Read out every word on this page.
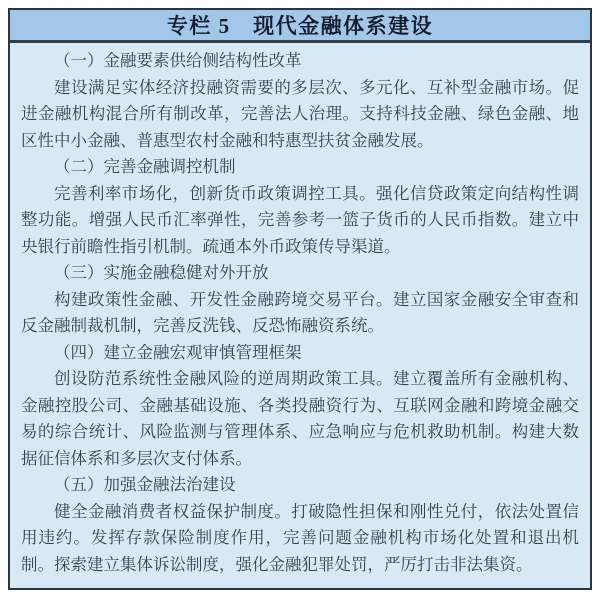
专栏 5　现代金融体系建设

（一）金融要素供给侧结构性改革

建设满足实体经济投融资需要的多层次、多元化、互补型金融市场。促进金融机构混合所有制改革，完善法人治理。支持科技金融、绿色金融、地区性中小金融、普惠型农村金融和特惠型扶贫金融发展。

（二）完善金融调控机制

完善利率市场化，创新货币政策调控工具。强化信贷政策定向结构性调整功能。增强人民币汇率弹性，完善参考一篮子货币的人民币指数。建立中央银行前瞻性指引机制。疏通本外币政策传导渠道。

（三）实施金融稳健对外开放

构建政策性金融、开发性金融跨境交易平台。建立国家金融安全审查和反金融制裁机制，完善反洗钱、反恐怖融资系统。

（四）建立金融宏观审慎管理框架

创设防范系统性金融风险的逆周期政策工具。建立覆盖所有金融机构、金融控股公司、金融基础设施、各类投融资行为、互联网金融和跨境金融交易的综合统计、风险监测与管理体系、应急响应与危机救助机制。构建大数据征信体系和多层次支付体系。

（五）加强金融法治建设

健全金融消费者权益保护制度。打破隐性担保和刚性兑付，依法处置信用违约。发挥存款保险制度作用，完善问题金融机构市场化处置和退出机制。探索建立集体诉讼制度，强化金融犯罪处罚，严厉打击非法集资。
